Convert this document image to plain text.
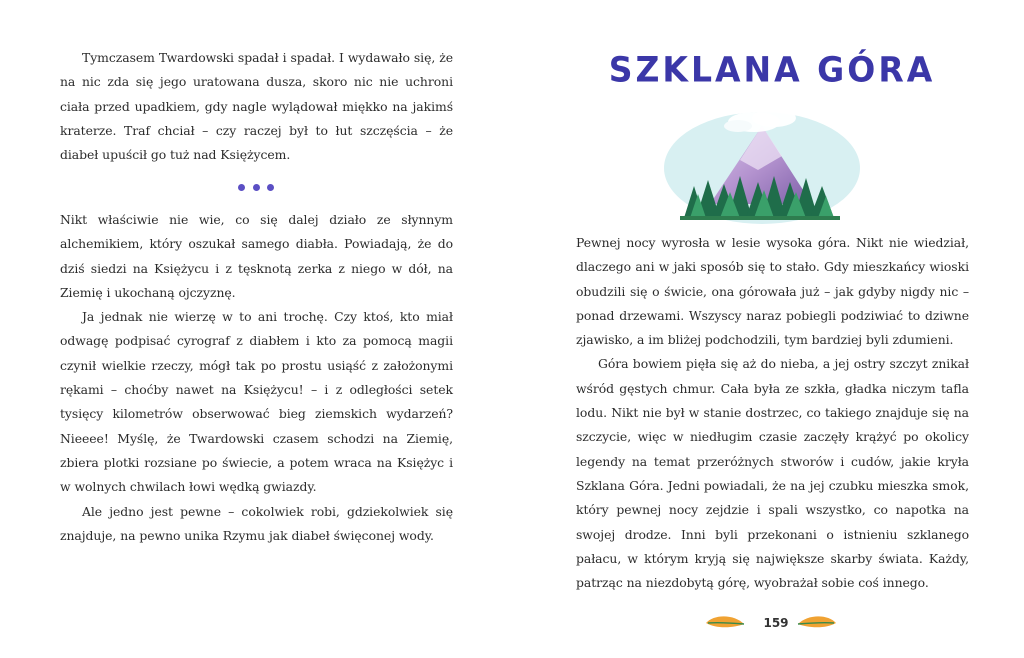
Tymczasem Twardowski spadał i spadał. I wydawało się, że na nic zda się jego uratowana dusza, skoro nic nie uchroni ciała przed upadkiem, gdy nagle wylądował miękko na jakimś kraterze. Traf chciał – czy raczej był to łut szczęścia – że diabeł upuścił go tuż nad Księżycem.

Nikt właściwie nie wie, co się dalej działo ze słynnym alchemikiem, który oszukał samego diabła. Powiadają, że do dziś siedzi na Księżycu i z tęsknotą zerka z niego w dół, na Ziemię i ukochaną ojczyznę.

Ja jednak nie wierzę w to ani trochę. Czy ktoś, kto miał odwagę podpisać cyrograf z diabłem i kto za pomocą magii czynił wielkie rzeczy, mógł tak po prostu usiąść z założonymi rękami – choćby nawet na Księżycu! – i z odległości setek tysięcy kilometrów obserwować bieg ziemskich wydarzeń? Nieeee! Myślę, że Twardowski czasem schodzi na Ziemię, zbiera plotki rozsiane po świecie, a potem wraca na Księżyc i w wolnych chwilach łowi wędką gwiazdy.

Ale jedno jest pewne – cokolwiek robi, gdziekolwiek się znajduje, na pewno unika Rzymu jak diabeł święconej wody.

SZKLANA GÓRA

Pewnej nocy wyrosła w lesie wysoka góra. Nikt nie wiedział, dlaczego ani w jaki sposób się to stało. Gdy mieszkańcy wioski obudzili się o świcie, ona górowała już – jak gdyby nigdy nic – ponad drzewami. Wszyscy naraz pobiegli podziwiać to dziwne zjawisko, a im bliżej podchodzili, tym bardziej byli zdumieni.

Góra bowiem pięła się aż do nieba, a jej ostry szczyt znikał wśród gęstych chmur. Cała była ze szkła, gładka niczym tafla lodu. Nikt nie był w stanie dostrzec, co takiego znajduje się na szczycie, więc w niedługim czasie zaczęły krążyć po okolicy legendy na temat przeróżnych stworów i cudów, jakie kryła Szklana Góra. Jedni powiadali, że na jej czubku mieszka smok, który pewnej nocy zejdzie i spali wszystko, co napotka na swojej drodze. Inni byli przekonani o istnieniu szklanego pałacu, w którym kryją się największe skarby świata. Każdy, patrząc na niezdobytą górę, wyobrażał sobie coś innego.

159
